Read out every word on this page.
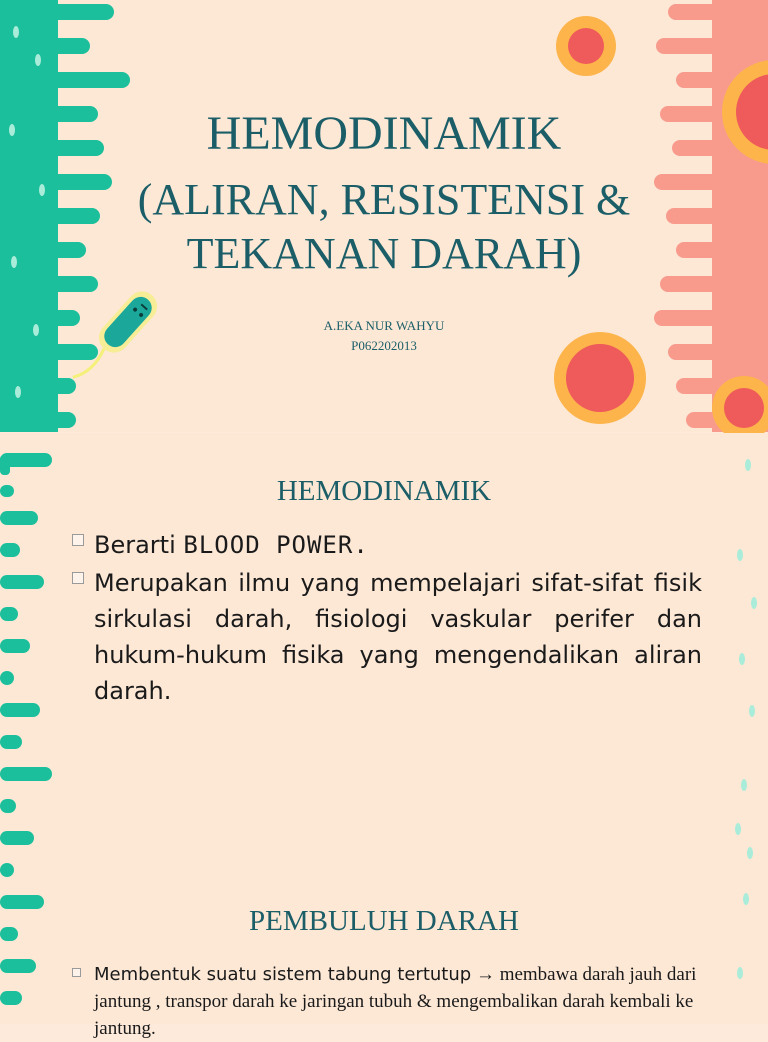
HEMODINAMIK
(ALIRAN, RESISTENSI &
TEKANAN DARAH)
A.EKA NUR WAHYU
P062202013
HEMODINAMIK
Berarti BLOOD POWER.
Merupakan ilmu yang mempelajari sifat-sifat fisik sirkulasi darah, fisiologi vaskular perifer dan hukum-hukum fisika yang mengendalikan aliran darah.
PEMBULUH DARAH
Membentuk suatu sistem tabung tertutup → membawa darah jauh dari jantung , transpor darah ke jaringan tubuh & mengembalikan darah kembali ke jantung.
